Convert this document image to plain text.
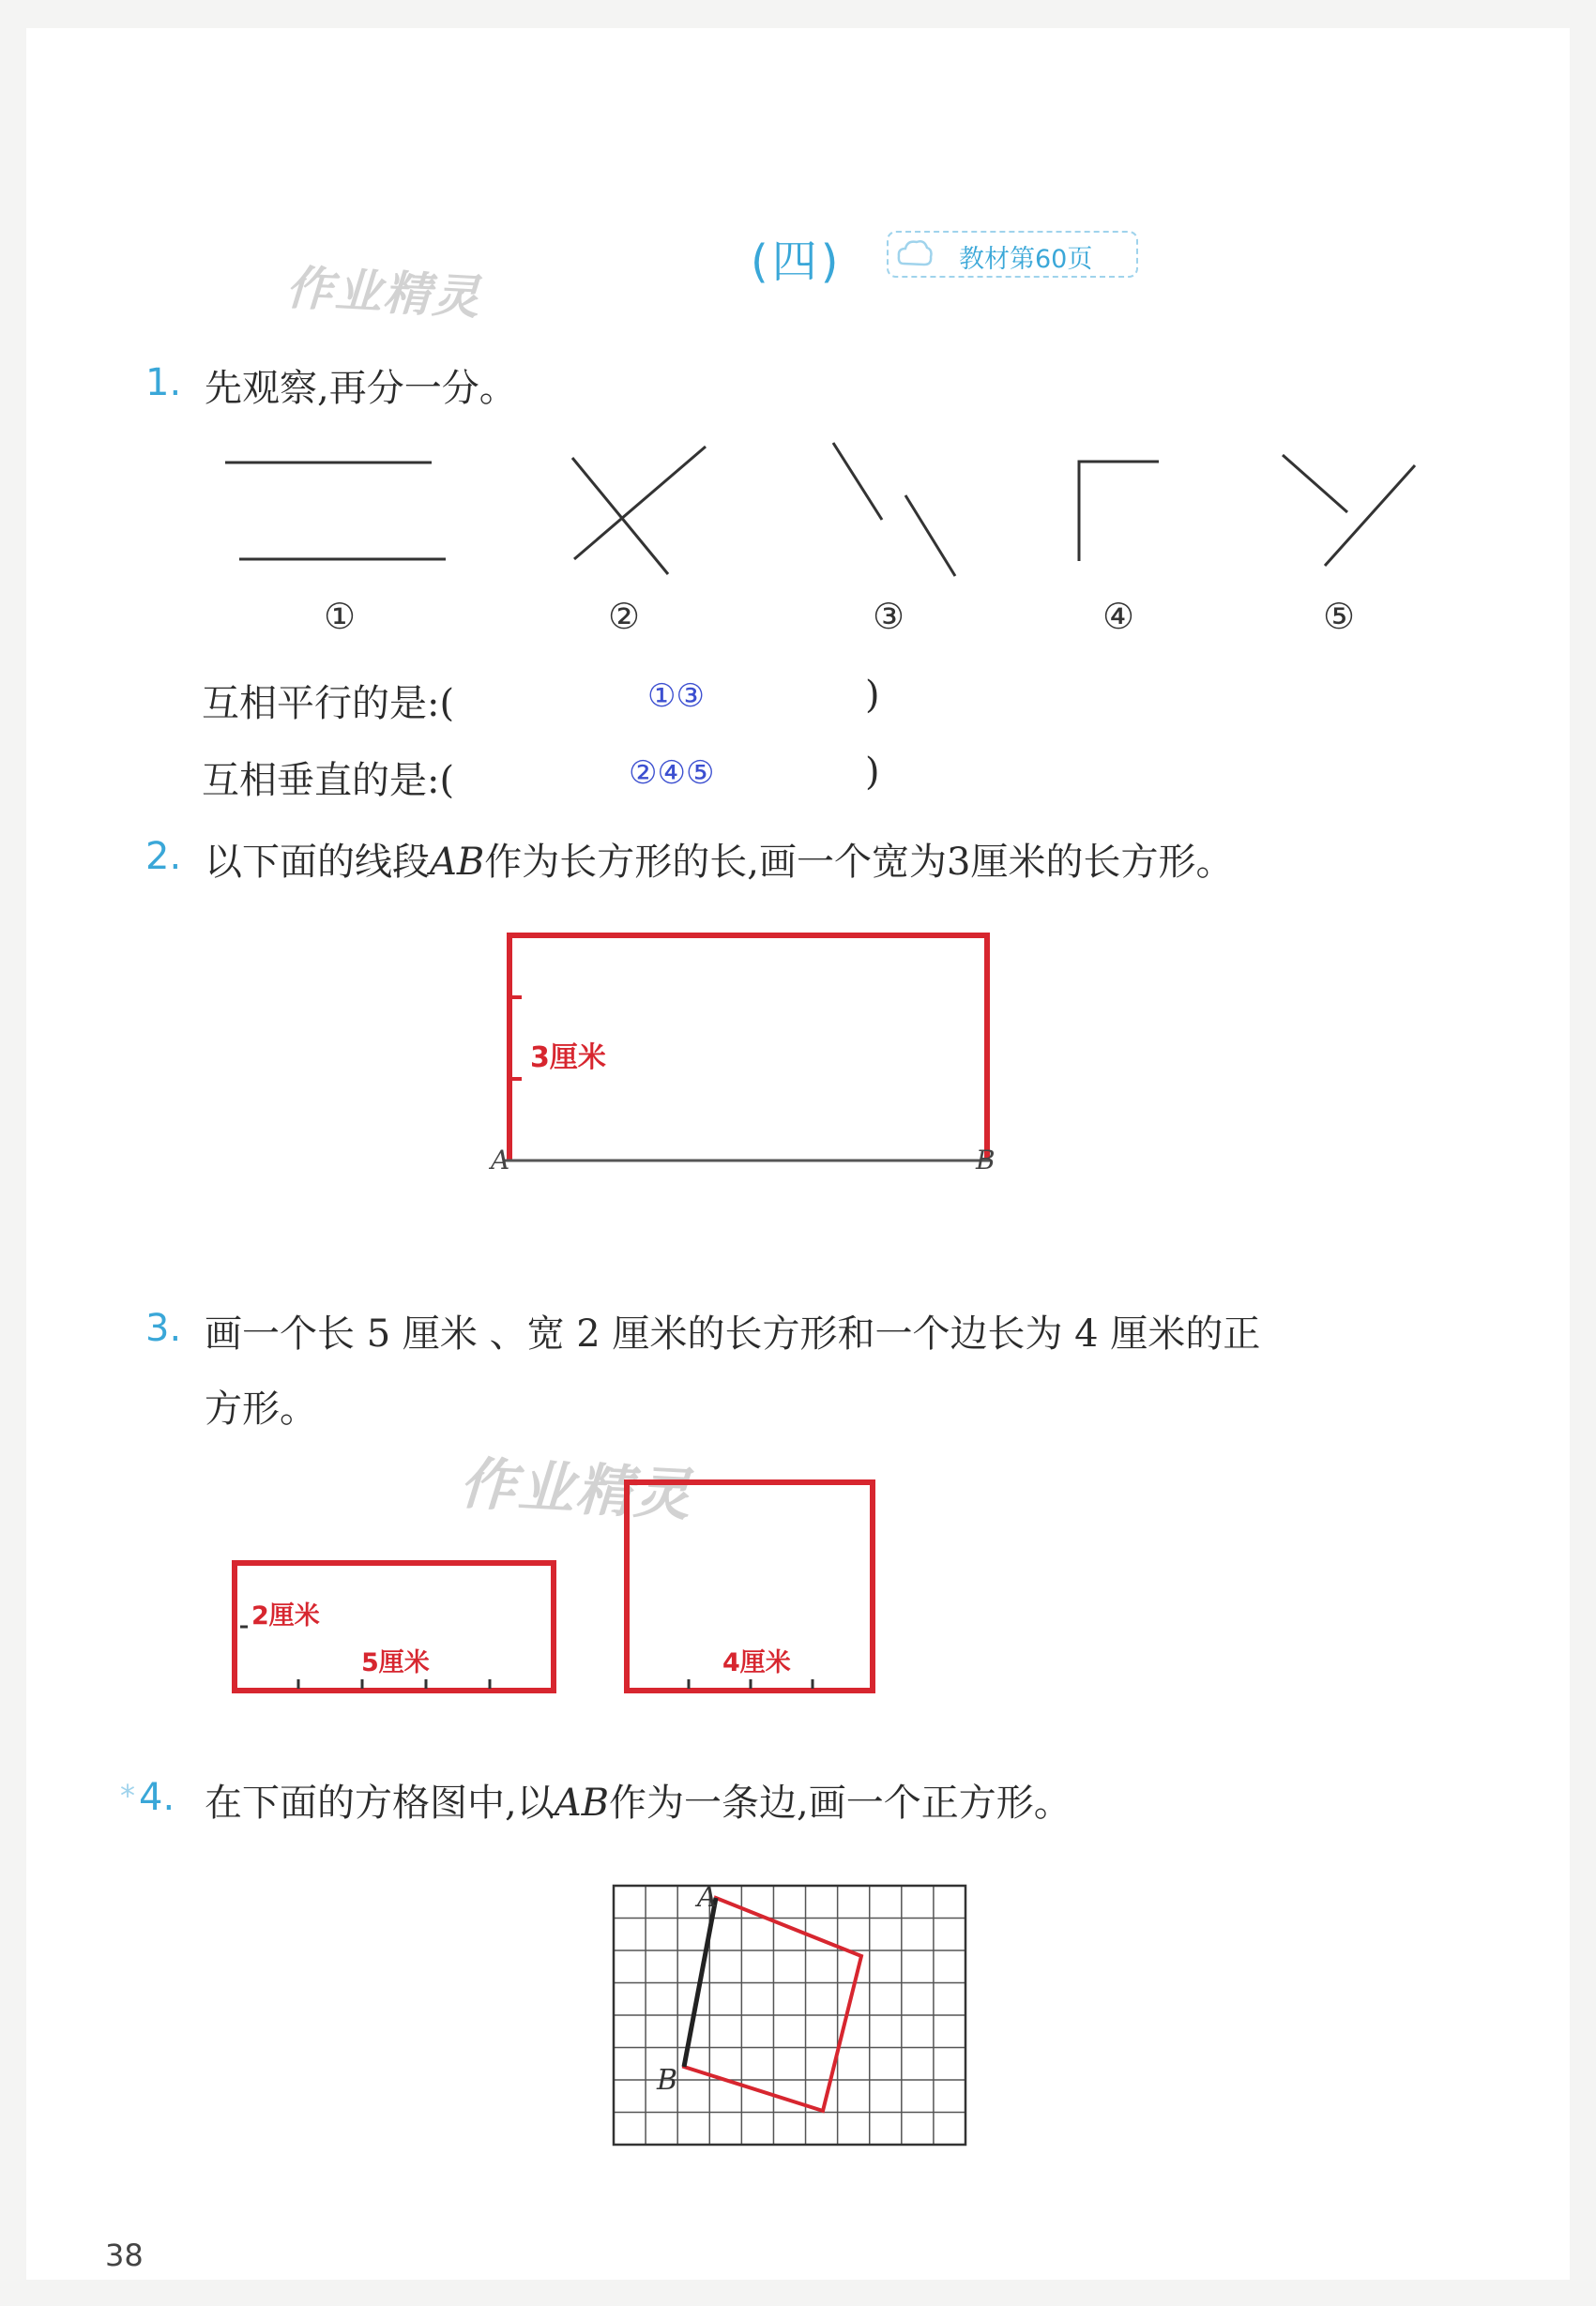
(四)	教材第60页
作业精灵
1. 先观察,再分一分。
①	②	③	④	⑤
互相平行的是:(	①③	)
互相垂直的是:(	②④⑤	)
2. 以下面的线段AB作为长方形的长,画一个宽为3厘米的长方形。
3厘米
A	B
3. 画一个长 5 厘米 、宽 2 厘米的长方形和一个边长为 4 厘米的正
方形。
作业精灵
2厘米
5厘米	4厘米
* 4. 在下面的方格图中,以AB作为一条边,画一个正方形。
A
B
38
